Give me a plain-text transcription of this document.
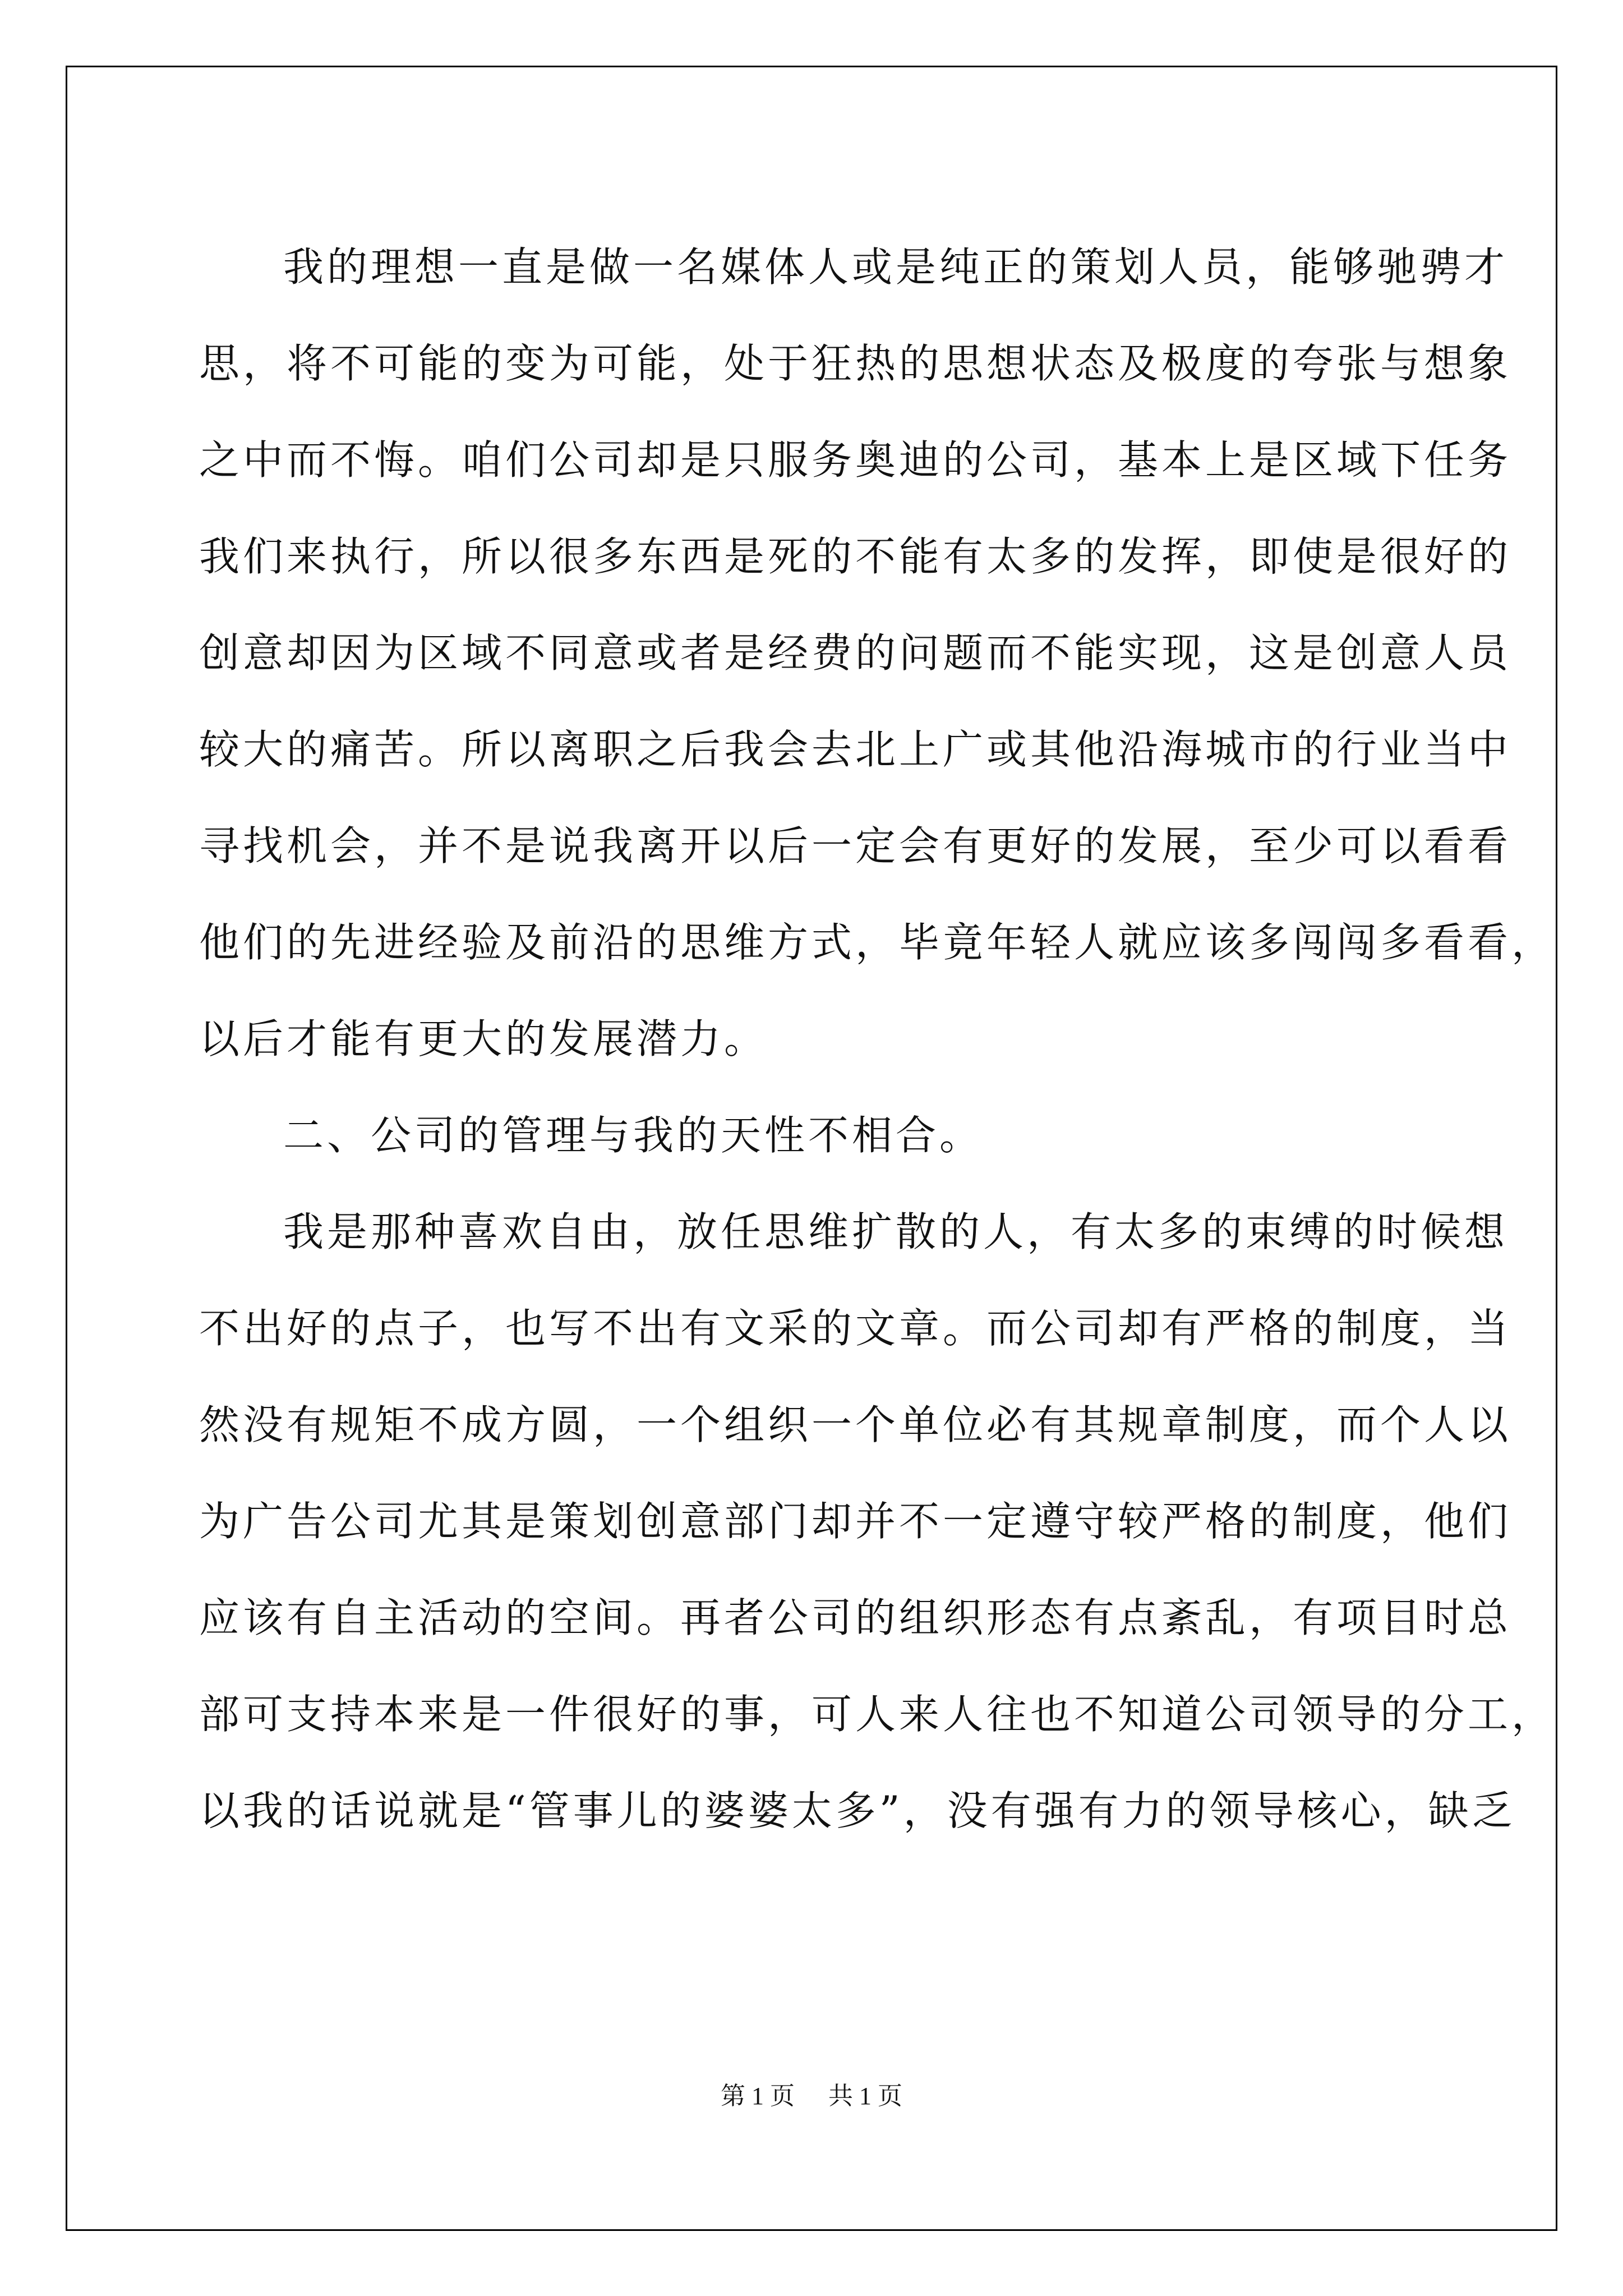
我的理想一直是做一名媒体人或是纯正的策划人员，能够驰骋才
思，将不可能的变为可能，处于狂热的思想状态及极度的夸张与想象
之中而不悔。咱们公司却是只服务奥迪的公司，基本上是区域下任务
我们来执行，所以很多东西是死的不能有太多的发挥，即使是很好的
创意却因为区域不同意或者是经费的问题而不能实现，这是创意人员
较大的痛苦。所以离职之后我会去北上广或其他沿海城市的行业当中
寻找机会，并不是说我离开以后一定会有更好的发展，至少可以看看
他们的先进经验及前沿的思维方式，毕竟年轻人就应该多闯闯多看看，
以后才能有更大的发展潜力。
二、公司的管理与我的天性不相合。
我是那种喜欢自由，放任思维扩散的人，有太多的束缚的时候想
不出好的点子，也写不出有文采的文章。而公司却有严格的制度，当
然没有规矩不成方圆，一个组织一个单位必有其规章制度，而个人以
为广告公司尤其是策划创意部门却并不一定遵守较严格的制度，他们
应该有自主活动的空间。再者公司的组织形态有点紊乱，有项目时总
部可支持本来是一件很好的事，可人来人往也不知道公司领导的分工，
以我的话说就是“管事儿的婆婆太多”，没有强有力的领导核心，缺乏
第 1 页 共 1 页
